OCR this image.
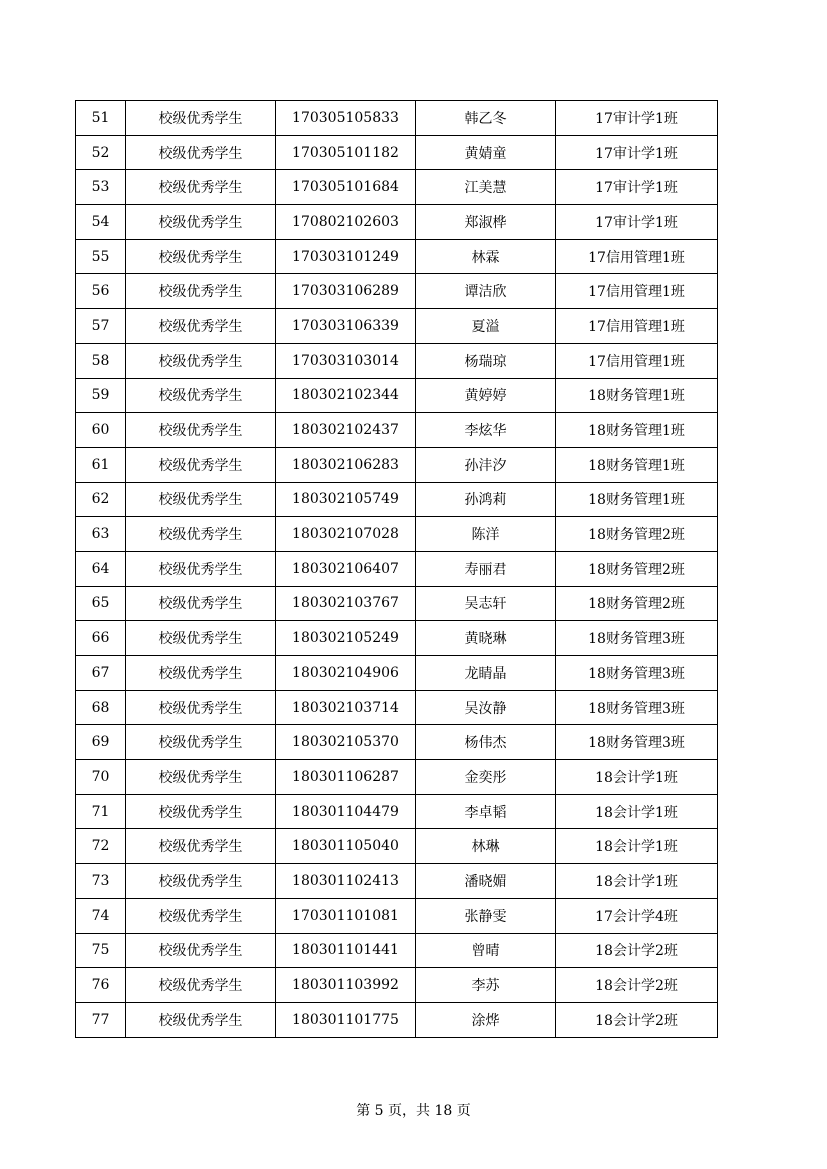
51	校级优秀学生	170305105833	韩乙冬	17审计学1班
52	校级优秀学生	170305101182	黄婧童	17审计学1班
53	校级优秀学生	170305101684	江美慧	17审计学1班
54	校级优秀学生	170802102603	郑淑桦	17审计学1班
55	校级优秀学生	170303101249	林霖	17信用管理1班
56	校级优秀学生	170303106289	谭洁欣	17信用管理1班
57	校级优秀学生	170303106339	夏溢	17信用管理1班
58	校级优秀学生	170303103014	杨瑞琼	17信用管理1班
59	校级优秀学生	180302102344	黄婷婷	18财务管理1班
60	校级优秀学生	180302102437	李炫华	18财务管理1班
61	校级优秀学生	180302106283	孙沣汐	18财务管理1班
62	校级优秀学生	180302105749	孙鸿莉	18财务管理1班
63	校级优秀学生	180302107028	陈洋	18财务管理2班
64	校级优秀学生	180302106407	寿丽君	18财务管理2班
65	校级优秀学生	180302103767	吴志轩	18财务管理2班
66	校级优秀学生	180302105249	黄晓琳	18财务管理3班
67	校级优秀学生	180302104906	龙睛晶	18财务管理3班
68	校级优秀学生	180302103714	吴汝静	18财务管理3班
69	校级优秀学生	180302105370	杨伟杰	18财务管理3班
70	校级优秀学生	180301106287	金奕彤	18会计学1班
71	校级优秀学生	180301104479	李卓韬	18会计学1班
72	校级优秀学生	180301105040	林琳	18会计学1班
73	校级优秀学生	180301102413	潘晓媚	18会计学1班
74	校级优秀学生	170301101081	张静雯	17会计学4班
75	校级优秀学生	180301101441	曾晴	18会计学2班
76	校级优秀学生	180301103992	李苏	18会计学2班
77	校级优秀学生	180301101775	涂烨	18会计学2班
第 5 页，共 18 页
